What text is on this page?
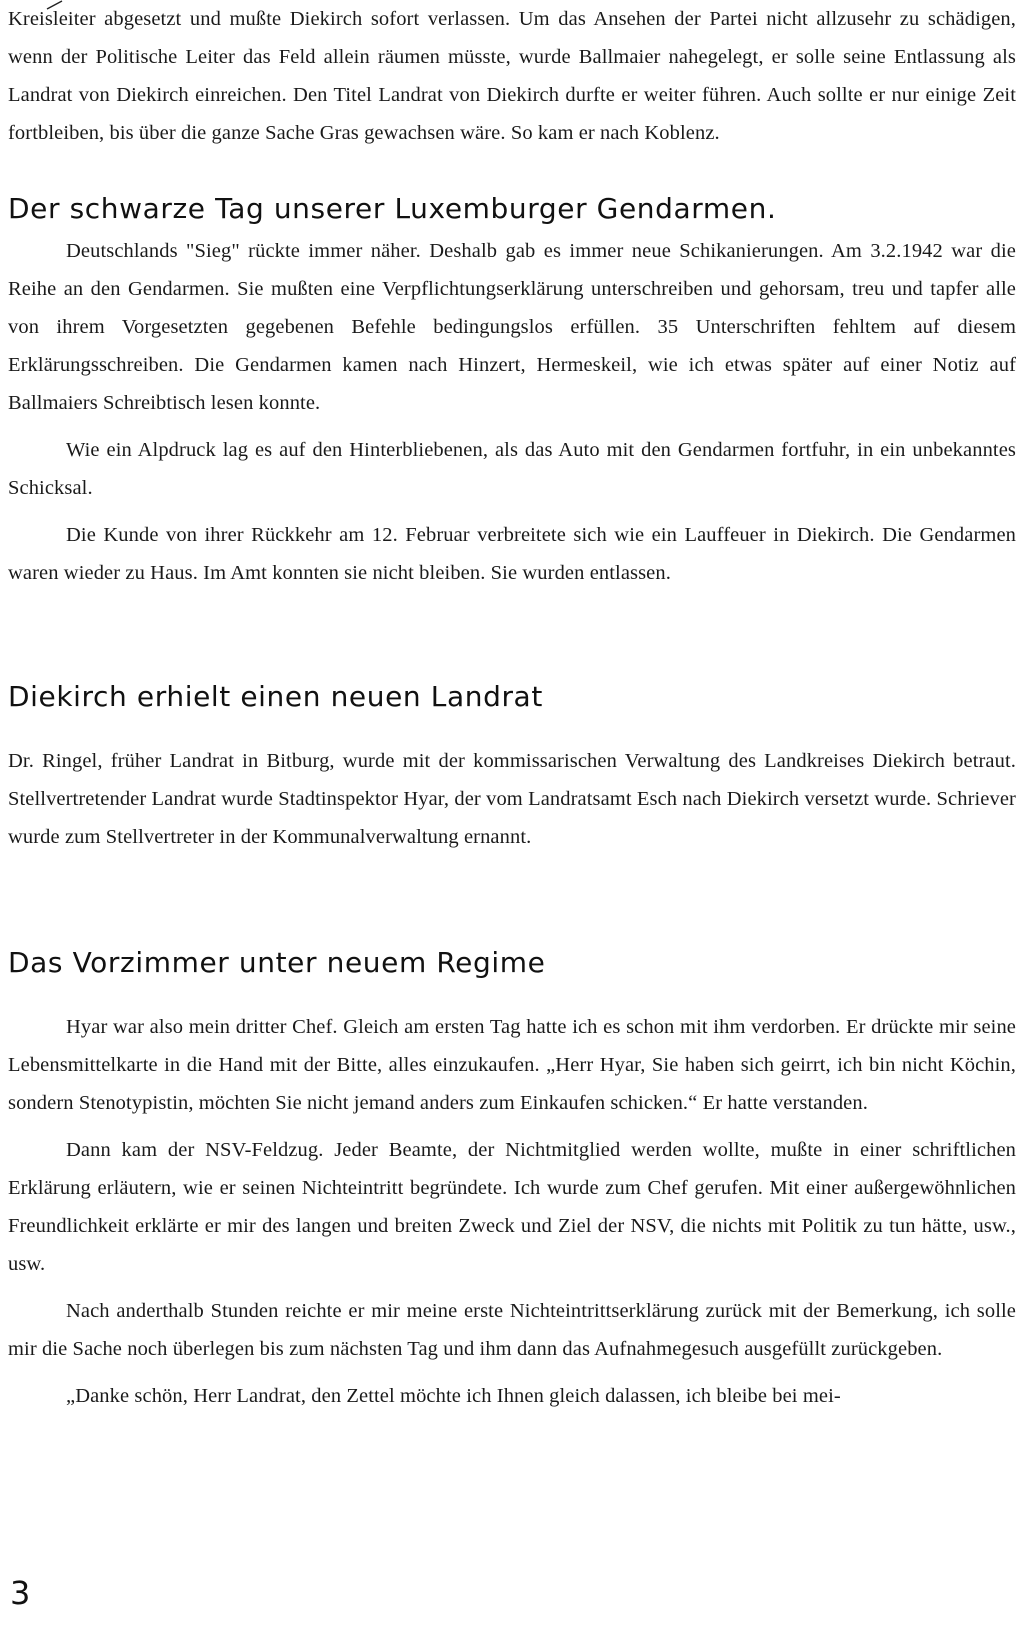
Kreisleiter abgesetzt und mußte Diekirch sofort verlassen. Um das Ansehen der Partei nicht allzusehr zu schädigen, wenn der Politische Leiter das Feld allein räumen müsste, wurde Ballmaier nahegelegt, er solle seine Entlassung als Landrat von Diekirch einreichen. Den Titel Landrat von Diekirch durfte er weiter führen. Auch sollte er nur einige Zeit fortbleiben, bis über die ganze Sache Gras gewachsen wäre. So kam er nach Koblenz.

Der schwarze Tag unserer Luxemburger Gendarmen.

Deutschlands "Sieg" rückte immer näher. Deshalb gab es immer neue Schikanierungen. Am 3.2.1942 war die Reihe an den Gendarmen. Sie mußten eine Verpflichtungserklärung unterschreiben und gehorsam, treu und tapfer alle von ihrem Vorgesetzten gegebenen Befehle bedingungslos erfüllen. 35 Unterschriften fehltem auf diesem Erklärungsschreiben. Die Gendarmen kamen nach Hinzert, Hermeskeil, wie ich etwas später auf einer Notiz auf Ballmaiers Schreibtisch lesen konnte.

Wie ein Alpdruck lag es auf den Hinterbliebenen, als das Auto mit den Gendarmen fortfuhr, in ein unbekanntes Schicksal.

Die Kunde von ihrer Rückkehr am 12. Februar verbreitete sich wie ein Lauffeuer in Diekirch. Die Gendarmen waren wieder zu Haus. Im Amt konnten sie nicht bleiben. Sie wurden entlassen.

Diekirch erhielt einen neuen Landrat

Dr. Ringel, früher Landrat in Bitburg, wurde mit der kommissarischen Verwaltung des Landkreises Diekirch betraut. Stellvertretender Landrat wurde Stadtinspektor Hyar, der vom Landratsamt Esch nach Diekirch versetzt wurde. Schriever wurde zum Stellvertreter in der Kommunalverwaltung ernannt.

Das Vorzimmer unter neuem Regime

Hyar war also mein dritter Chef. Gleich am ersten Tag hatte ich es schon mit ihm verdorben. Er drückte mir seine Lebensmittelkarte in die Hand mit der Bitte, alles einzukaufen. „Herr Hyar, Sie haben sich geirrt, ich bin nicht Köchin, sondern Stenotypistin, möchten Sie nicht jemand anders zum Einkaufen schicken.“ Er hatte verstanden.

Dann kam der NSV-Feldzug. Jeder Beamte, der Nichtmitglied werden wollte, mußte in einer schriftlichen Erklärung erläutern, wie er seinen Nichteintritt begründete. Ich wurde zum Chef gerufen. Mit einer außergewöhnlichen Freundlichkeit erklärte er mir des langen und breiten Zweck und Ziel der NSV, die nichts mit Politik zu tun hätte, usw., usw.

Nach anderthalb Stunden reichte er mir meine erste Nichteintrittserklärung zurück mit der Bemerkung, ich solle mir die Sache noch überlegen bis zum nächsten Tag und ihm dann das Aufnahmegesuch ausgefüllt zurückgeben.

„Danke schön, Herr Landrat, den Zettel möchte ich Ihnen gleich dalassen, ich bleibe bei mei-

3
